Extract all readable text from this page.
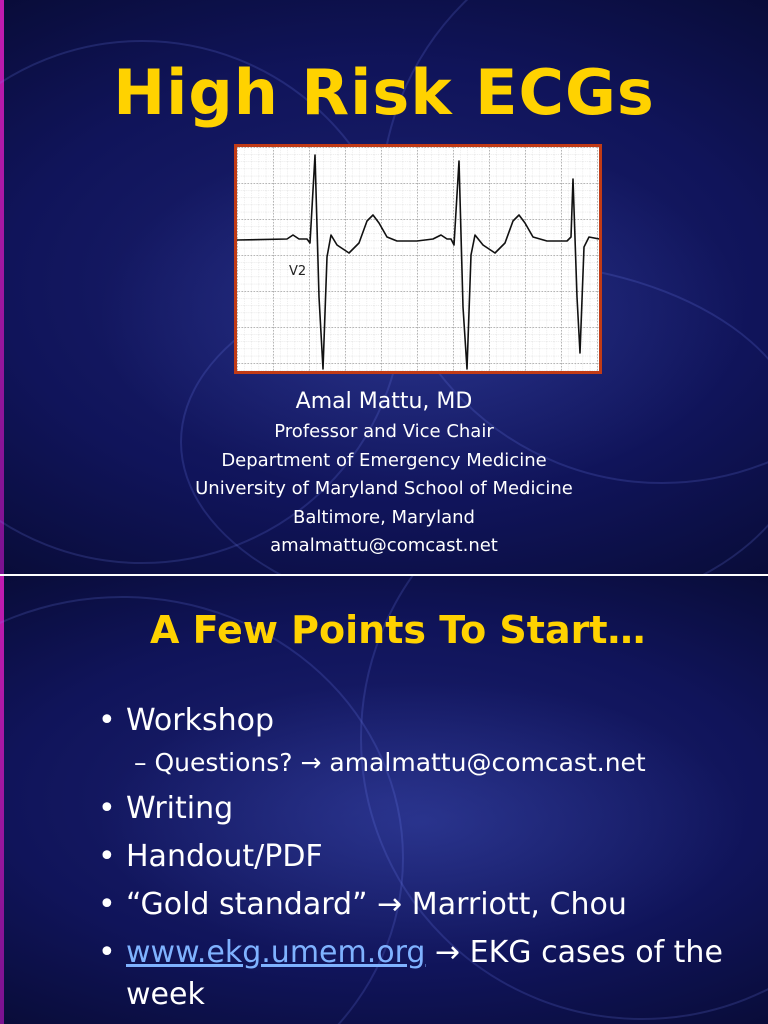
High Risk ECGs
V2
Amal Mattu, MD
Professor and Vice Chair
Department of Emergency Medicine
University of Maryland School of Medicine
Baltimore, Maryland
amalmattu@comcast.net
A Few Points To Start…
• Workshop
– Questions? → amalmattu@comcast.net
• Writing
• Handout/PDF
• “Gold standard” → Marriott, Chou
• www.ekg.umem.org → EKG cases of the week
